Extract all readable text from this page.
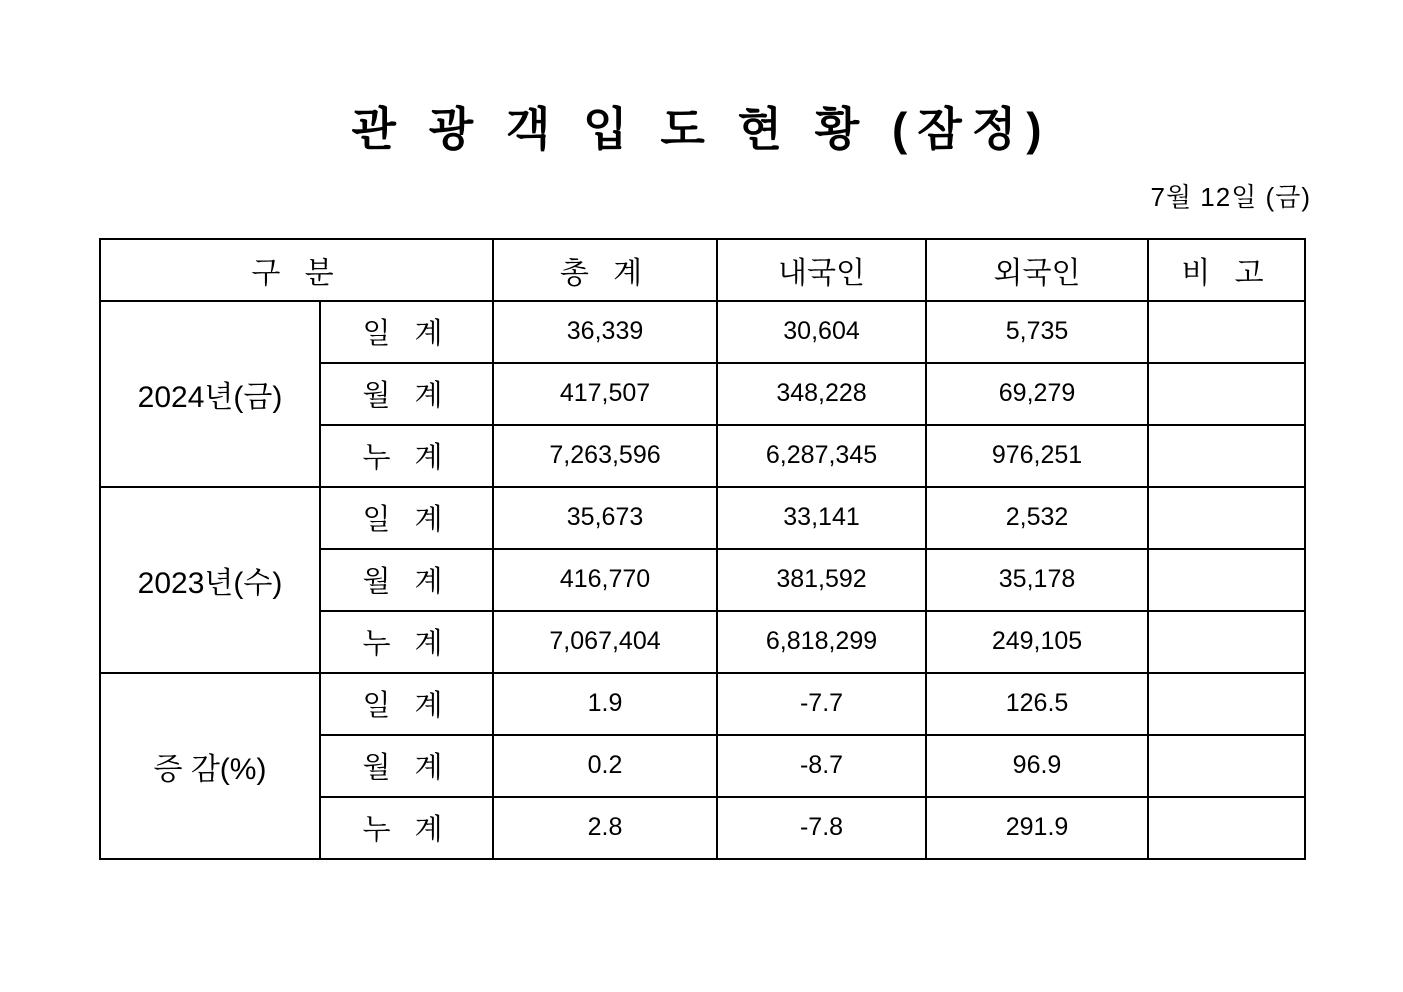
관 광 객 입 도 현 황 (잠정)
7월 12일 (금)
구 분		총 계	내국인	외국인	비 고
2024년(금)	일 계	36,339	30,604	5,735	
	월 계	417,507	348,228	69,279	
	누 계	7,263,596	6,287,345	976,251	
2023년(수)	일 계	35,673	33,141	2,532	
	월 계	416,770	381,592	35,178	
	누 계	7,067,404	6,818,299	249,105	
증 감(%)	일 계	1.9	-7.7	126.5	
	월 계	0.2	-8.7	96.9	
	누 계	2.8	-7.8	291.9	
